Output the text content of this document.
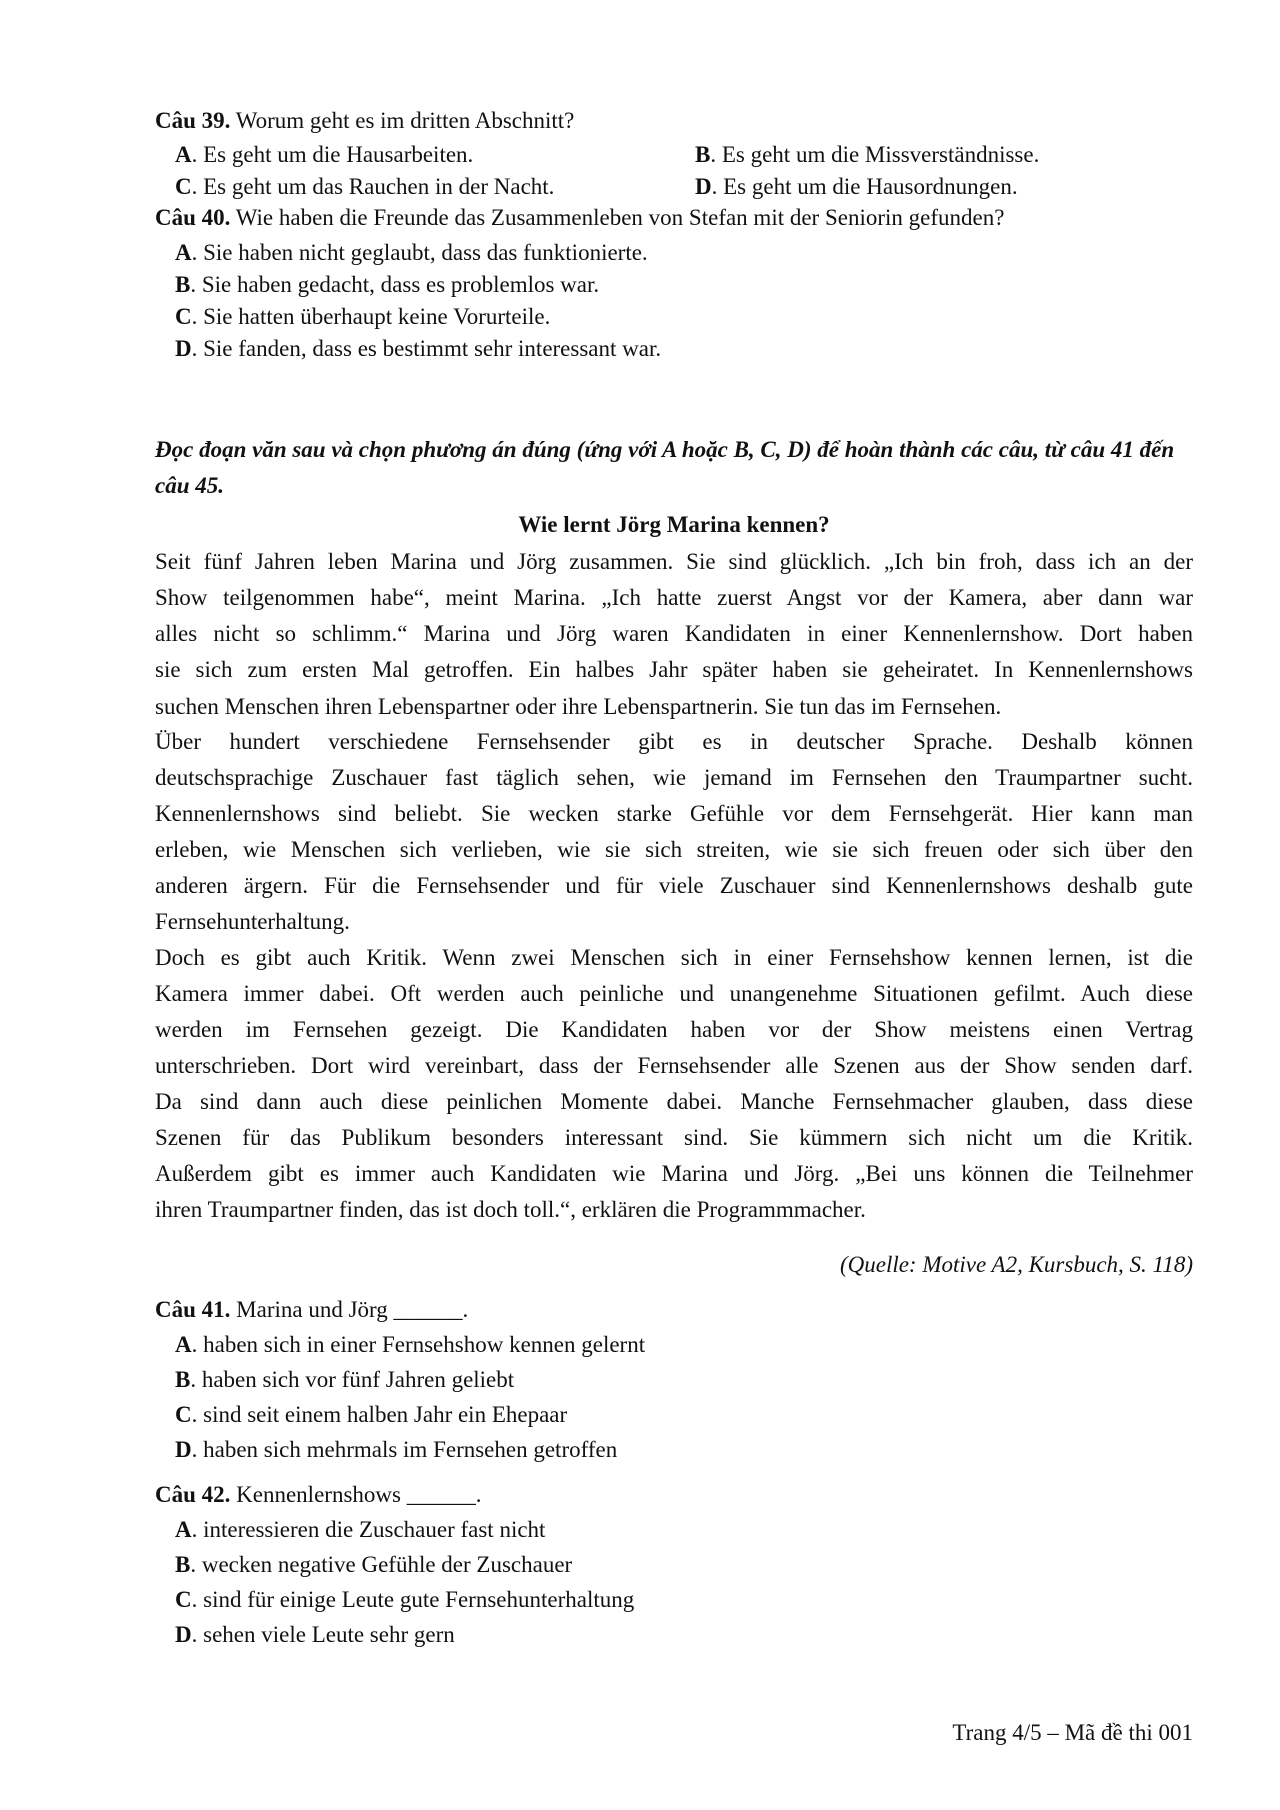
Câu 39. Worum geht es im dritten Abschnitt?
A. Es geht um die Hausarbeiten.	B. Es geht um die Missverständnisse.
C. Es geht um das Rauchen in der Nacht.	D. Es geht um die Hausordnungen.
Câu 40. Wie haben die Freunde das Zusammenleben von Stefan mit der Seniorin gefunden?
A. Sie haben nicht geglaubt, dass das funktionierte.
B. Sie haben gedacht, dass es problemlos war.
C. Sie hatten überhaupt keine Vorurteile.
D. Sie fanden, dass es bestimmt sehr interessant war.
Đọc đoạn văn sau và chọn phương án đúng (ứng với A hoặc B, C, D) để hoàn thành các câu, từ câu 41 đến câu 45.
Wie lernt Jörg Marina kennen?
Seit fünf Jahren leben Marina und Jörg zusammen. Sie sind glücklich. „Ich bin froh, dass ich an der
Show teilgenommen habe“, meint Marina. „Ich hatte zuerst Angst vor der Kamera, aber dann war
alles nicht so schlimm.“ Marina und Jörg waren Kandidaten in einer Kennenlernshow. Dort haben
sie sich zum ersten Mal getroffen. Ein halbes Jahr später haben sie geheiratet. In Kennenlernshows
suchen Menschen ihren Lebenspartner oder ihre Lebenspartnerin. Sie tun das im Fernsehen.
Über hundert verschiedene Fernsehsender gibt es in deutscher Sprache. Deshalb können
deutschsprachige Zuschauer fast täglich sehen, wie jemand im Fernsehen den Traumpartner sucht.
Kennenlernshows sind beliebt. Sie wecken starke Gefühle vor dem Fernsehgerät. Hier kann man
erleben, wie Menschen sich verlieben, wie sie sich streiten, wie sie sich freuen oder sich über den
anderen ärgern. Für die Fernsehsender und für viele Zuschauer sind Kennenlernshows deshalb gute
Fernsehunterhaltung.
Doch es gibt auch Kritik. Wenn zwei Menschen sich in einer Fernsehshow kennen lernen, ist die
Kamera immer dabei. Oft werden auch peinliche und unangenehme Situationen gefilmt. Auch diese
werden im Fernsehen gezeigt. Die Kandidaten haben vor der Show meistens einen Vertrag
unterschrieben. Dort wird vereinbart, dass der Fernsehsender alle Szenen aus der Show senden darf.
Da sind dann auch diese peinlichen Momente dabei. Manche Fernsehmacher glauben, dass diese
Szenen für das Publikum besonders interessant sind. Sie kümmern sich nicht um die Kritik.
Außerdem gibt es immer auch Kandidaten wie Marina und Jörg. „Bei uns können die Teilnehmer
ihren Traumpartner finden, das ist doch toll.“, erklären die Programmmacher.
(Quelle: Motive A2, Kursbuch, S. 118)
Câu 41. Marina und Jörg ______.
A. haben sich in einer Fernsehshow kennen gelernt
B. haben sich vor fünf Jahren geliebt
C. sind seit einem halben Jahr ein Ehepaar
D. haben sich mehrmals im Fernsehen getroffen
Câu 42. Kennenlernshows ______.
A. interessieren die Zuschauer fast nicht
B. wecken negative Gefühle der Zuschauer
C. sind für einige Leute gute Fernsehunterhaltung
D. sehen viele Leute sehr gern
Trang 4/5 – Mã đề thi 001
